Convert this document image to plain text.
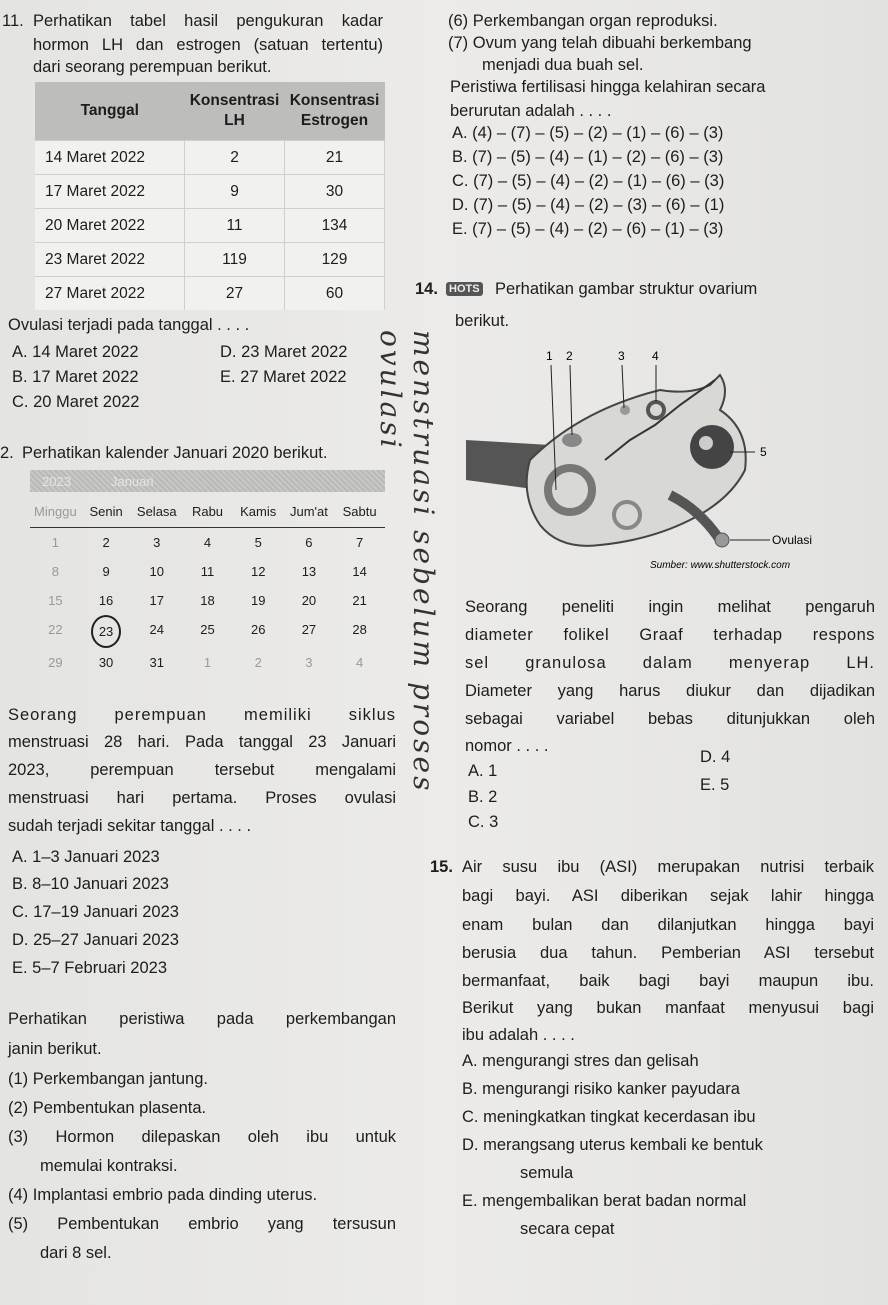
11. Perhatikan tabel hasil pengukuran kadar
hormon LH dan estrogen (satuan tertentu)
dari seorang perempuan berikut.
Tanggal	Konsentrasi LH	Konsentrasi Estrogen
14 Maret 2022	2	21
17 Maret 2022	9	30
20 Maret 2022	11	134
23 Maret 2022	119	129
27 Maret 2022	27	60
Ovulasi terjadi pada tanggal . . . .
A. 14 Maret 2022	D. 23 Maret 2022
B. 17 Maret 2022	E. 27 Maret 2022
C. 20 Maret 2022
2. Perhatikan kalender Januari 2020 berikut.
2023	Januari
Minggu Senin	Selasa	Rabu	Kamis	Jum'at	Sabtu
1	2	3	4	5	6	7
8	9	10	11	12	13	14
15	16	17	18	19	20	21
22	23	24	25	26	27	28
29	30	31	1	2	3	4
Seorang perempuan memiliki siklus
menstruasi 28 hari. Pada tanggal 23 Januari
2023, perempuan tersebut mengalami
menstruasi hari pertama. Proses ovulasi
sudah terjadi sekitar tanggal . . . .
A. 1–3 Januari 2023
B. 8–10 Januari 2023
C. 17–19 Januari 2023
D. 25–27 Januari 2023
E. 5–7 Februari 2023
Perhatikan peristiwa pada perkembangan
janin berikut.
(1) Perkembangan jantung.
(2) Pembentukan plasenta.
(3) Hormon dilepaskan oleh ibu untuk
memulai kontraksi.
(4) Implantasi embrio pada dinding uterus.
(5) Pembentukan embrio yang tersusun
dari 8 sel.
(6) Perkembangan organ reproduksi.
(7) Ovum yang telah dibuahi berkembang
menjadi dua buah sel.
Peristiwa fertilisasi hingga kelahiran secara
berurutan adalah . . . .
A. (4) – (7) – (5) – (2) – (1) – (6) – (3)
B. (7) – (5) – (4) – (1) – (2) – (6) – (3)
C. (7) – (5) – (4) – (2) – (1) – (6) – (3)
D. (7) – (5) – (4) – (2) – (3) – (6) – (1)
E. (7) – (5) – (4) – (2) – (6) – (1) – (3)
14. HOTS Perhatikan gambar struktur ovarium
berikut.
1 2	3 4
5
Ovulasi
Sumber: www.shutterstock.com
Seorang peneliti ingin melihat pengaruh
diameter folikel Graaf terhadap respons
sel granulosa dalam menyerap LH.
Diameter yang harus diukur dan dijadikan
sebagai variabel bebas ditunjukkan oleh
nomor . . . .
A. 1
D. 4
B. 2
E. 5
C. 3
15. Air susu ibu (ASI) merupakan nutrisi terbaik
bagi bayi. ASI diberikan sejak lahir hingga
enam bulan dan dilanjutkan hingga bayi
berusia dua tahun. Pemberian ASI tersebut
bermanfaat, baik bagi bayi maupun ibu.
Berikut yang bukan manfaat menyusui bagi
ibu adalah . . . .
A. mengurangi stres dan gelisah
B. mengurangi risiko kanker payudara
C. meningkatkan tingkat kecerdasan ibu
D. merangsang uterus kembali ke bentuk
semula
E. mengembalikan berat badan normal
secara cepat
menstruasi sebelum proses ovulasi
